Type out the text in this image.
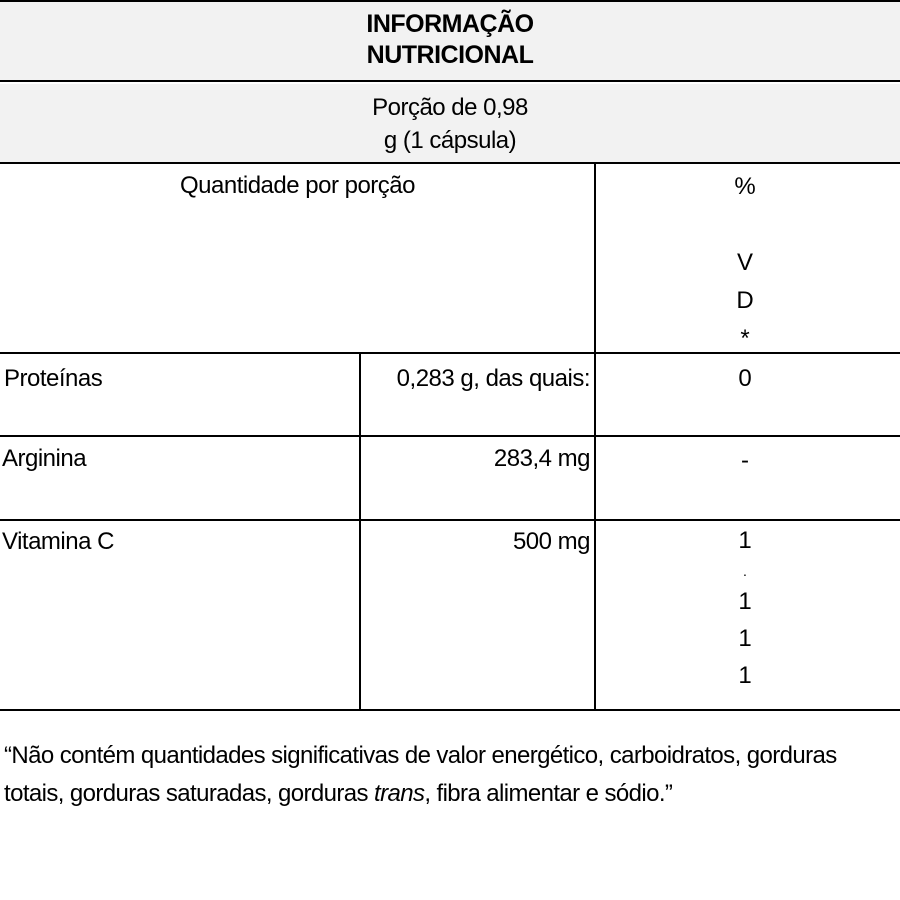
INFORMAÇÃO
NUTRICIONAL
Porção de 0,98
g (1 cápsula)
Quantidade por porção	%
V
D
*
Proteínas	0,283 g, das quais:	0
Arginina	283,4 mg	-
Vitamina C	500 mg	1
.
1
1
1
“Não contém quantidades significativas de valor energético, carboidratos, gorduras totais, gorduras saturadas, gorduras trans, fibra alimentar e sódio.”
